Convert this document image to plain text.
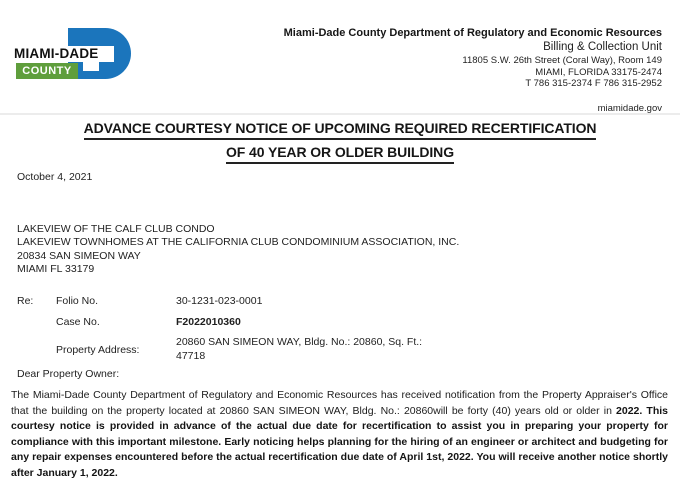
MIAMI-DADE
COUNTY
Miami-Dade County Department of Regulatory and Economic Resources
Billing & Collection Unit
11805 S.W. 26th Street (Coral Way), Room 149
MIAMI, FLORIDA 33175-2474
T 786 315-2374 F 786 315-2952
miamidade.gov
ADVANCE COURTESY NOTICE OF UPCOMING REQUIRED RECERTIFICATION
OF 40 YEAR OR OLDER BUILDING
October 4, 2021
LAKEVIEW OF THE CALF CLUB CONDO
LAKEVIEW TOWNHOMES AT THE CALIFORNIA CLUB CONDOMINIUM ASSOCIATION, INC.
20834 SAN SIMEON WAY
MIAMI FL 33179
Re:	Folio No.	30-1231-023-0001
Case No.	F2022010360
Property Address:
20860 SAN SIMEON WAY, Bldg. No.: 20860, Sq. Ft.: 47718
Dear Property Owner:

The Miami-Dade County Department of Regulatory and Economic Resources has received notification from the Property Appraiser's Office that the building on the property located at 20860 SAN SIMEON WAY, Bldg. No.: 20860will be forty (40) years old or older in 2022. This courtesy notice is provided in advance of the actual due date for recertification to assist you in preparing your property for compliance with this important milestone. Early noticing helps planning for the hiring of an engineer or architect and budgeting for any repair expenses encountered before the actual recertification due date of April 1st, 2022. You will receive another notice shortly after January 1, 2022.
